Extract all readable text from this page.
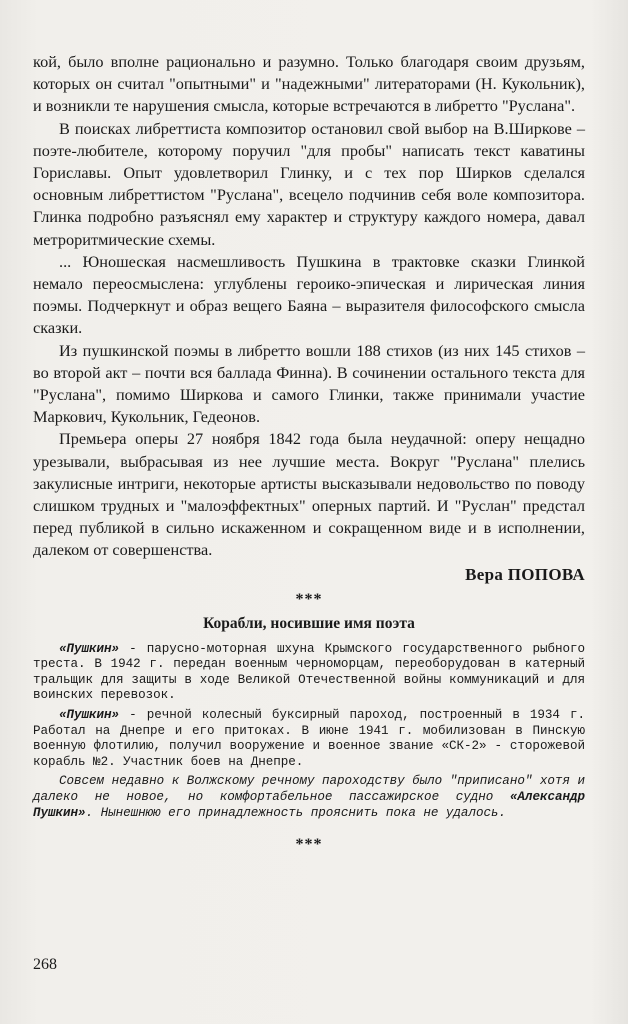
кой, было вполне рационально и разумно. Только благодаря своим друзьям, которых он считал "опытными" и "надежными" литераторами (Н. Кукольник), и возникли те нарушения смысла, которые встречаются в либретто "Руслана".

В поисках либреттиста композитор остановил свой выбор на В.Ширкове – поэте-любителе, которому поручил "для пробы" написать текст каватины Гориславы. Опыт удовлетворил Глинку, и с тех пор Ширков сделался основным либреттистом "Руслана", всецело подчинив себя воле композитора. Глинка подробно разъяснял ему характер и структуру каждого номера, давал метроритмические схемы.

... Юношеская насмешливость Пушкина в трактовке сказки Глинкой немало переосмыслена: углублены героико-эпическая и лирическая линия поэмы. Подчеркнут и образ вещего Баяна – выразителя философского смысла сказки.

Из пушкинской поэмы в либретто вошли 188 стихов (из них 145 стихов – во второй акт – почти вся баллада Финна). В сочинении остального текста для "Руслана", помимо Ширкова и самого Глинки, также принимали участие Маркович, Кукольник, Гедеонов.

Премьера оперы 27 ноября 1842 года была неудачной: оперу нещадно урезывали, выбрасывая из нее лучшие места. Вокруг "Руслана" плелись закулисные интриги, некоторые артисты высказывали недовольство по поводу слишком трудных и "малоэффектных" оперных партий. И "Руслан" предстал перед публикой в сильно искаженном и сокращенном виде и в исполнении, далеком от совершенства.

Вера ПОПОВА
***
Корабли, носившие имя поэта

«Пушкин» - парусно-моторная шхуна Крымского государственного рыбного треста. В 1942 г. передан военным черноморцам, переоборудован в катерный тральщик для защиты в ходе Великой Отечественной войны коммуникаций и для воинских перевозок.

«Пушкин» - речной колесный буксирный пароход, построенный в 1934 г. Работал на Днепре и его притоках. В июне 1941 г. мобилизован в Пинскую военную флотилию, получил вооружение и военное звание «СК-2» - сторожевой корабль №2. Участник боев на Днепре.

Совсем недавно к Волжскому речному пароходству было "приписано" хотя и далеко не новое, но комфортабельное пассажирское судно «Александр Пушкин». Нынешнюю его принадлежность прояснить пока не удалось.

***
268
